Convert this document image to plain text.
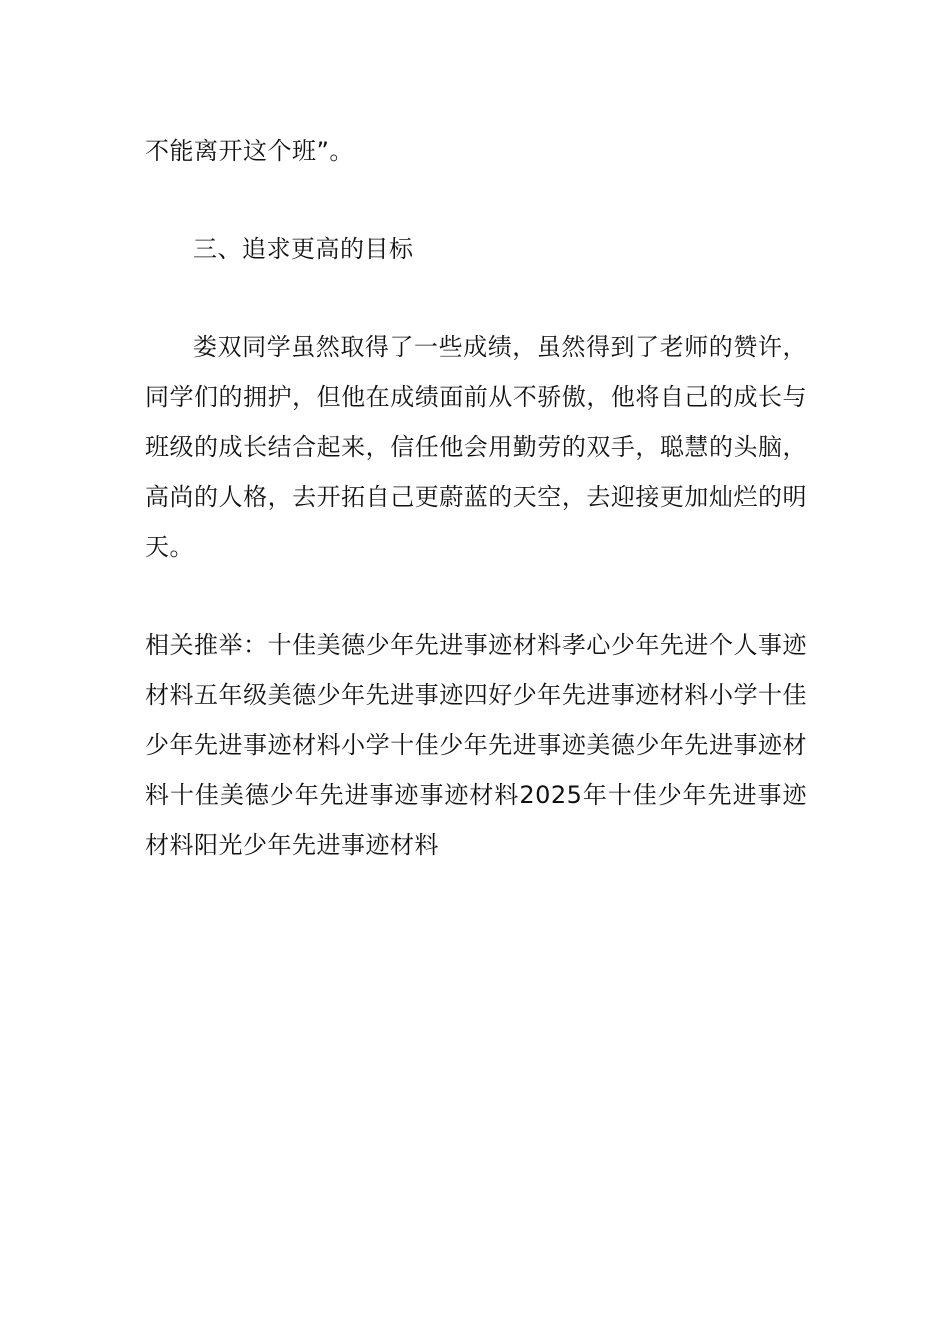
不能离开这个班”。

三、追求更高的目标

娄双同学虽然取得了一些成绩，虽然得到了老师的赞许，同学们的拥护，但他在成绩面前从不骄傲，他将自己的成长与班级的成长结合起来，信任他会用勤劳的双手，聪慧的头脑，高尚的人格，去开拓自己更蔚蓝的天空，去迎接更加灿烂的明天。

相关推举：十佳美德少年先进事迹材料孝心少年先进个人事迹材料五年级美德少年先进事迹四好少年先进事迹材料小学十佳少年先进事迹材料小学十佳少年先进事迹美德少年先进事迹材料十佳美德少年先进事迹事迹材料2025年十佳少年先进事迹材料阳光少年先进事迹材料
